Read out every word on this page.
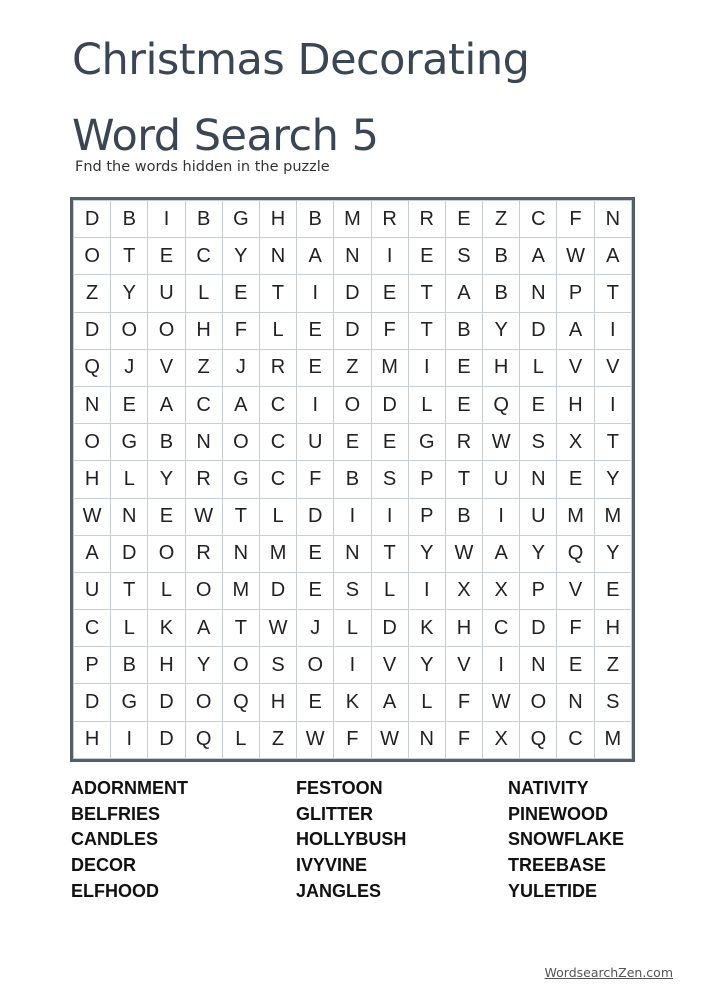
Christmas Decorating
Word Search 5
Fnd the words hidden in the puzzle
D	B	I	B	G	H	B	M	R	R	E	Z	C	F	N
O	T	E	C	Y	N	A	N	I	E	S	B	A	W	A
Z	Y	U	L	E	T	I	D	E	T	A	B	N	P	T
D	O	O	H	F	L	E	D	F	T	B	Y	D	A	I
Q	J	V	Z	J	R	E	Z	M	I	E	H	L	V	V
N	E	A	C	A	C	I	O	D	L	E	Q	E	H	I
O	G	B	N	O	C	U	E	E	G	R	W	S	X	T
H	L	Y	R	G	C	F	B	S	P	T	U	N	E	Y
W	N	E	W	T	L	D	I	I	P	B	I	U	M	M
A	D	O	R	N	M	E	N	T	Y	W	A	Y	Q	Y
U	T	L	O	M	D	E	S	L	I	X	X	P	V	E
C	L	K	A	T	W	J	L	D	K	H	C	D	F	H
P	B	H	Y	O	S	O	I	V	Y	V	I	N	E	Z
D	G	D	O	Q	H	E	K	A	L	F	W	O	N	S
H	I	D	Q	L	Z	W	F	W	N	F	X	Q	C	M
ADORNMENT
BELFRIES
CANDLES
DECOR
ELFHOOD
FESTOON
GLITTER
HOLLYBUSH
IVYVINE
JANGLES
NATIVITY
PINEWOOD
SNOWFLAKE
TREEBASE
YULETIDE
WordsearchZen.com
